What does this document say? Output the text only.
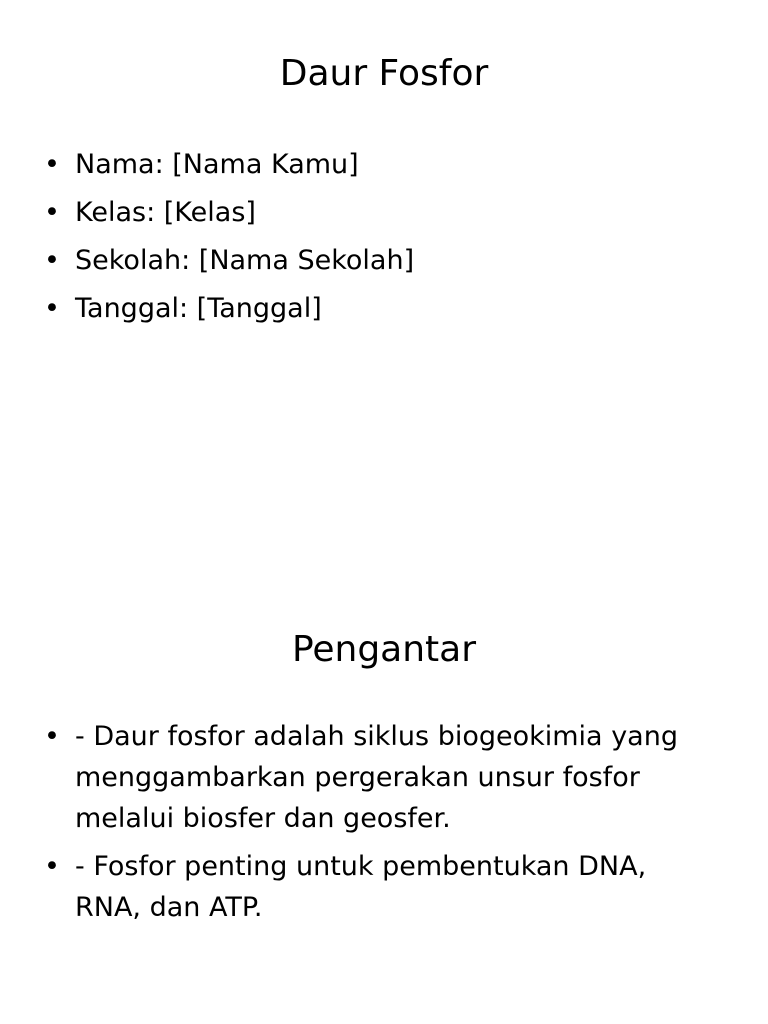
Daur Fosfor
• Nama: [Nama Kamu]
• Kelas: [Kelas]
• Sekolah: [Nama Sekolah]
• Tanggal: [Tanggal]
Pengantar
• - Daur fosfor adalah siklus biogeokimia yang menggambarkan pergerakan unsur fosfor melalui biosfer dan geosfer.
• - Fosfor penting untuk pembentukan DNA, RNA, dan ATP.
